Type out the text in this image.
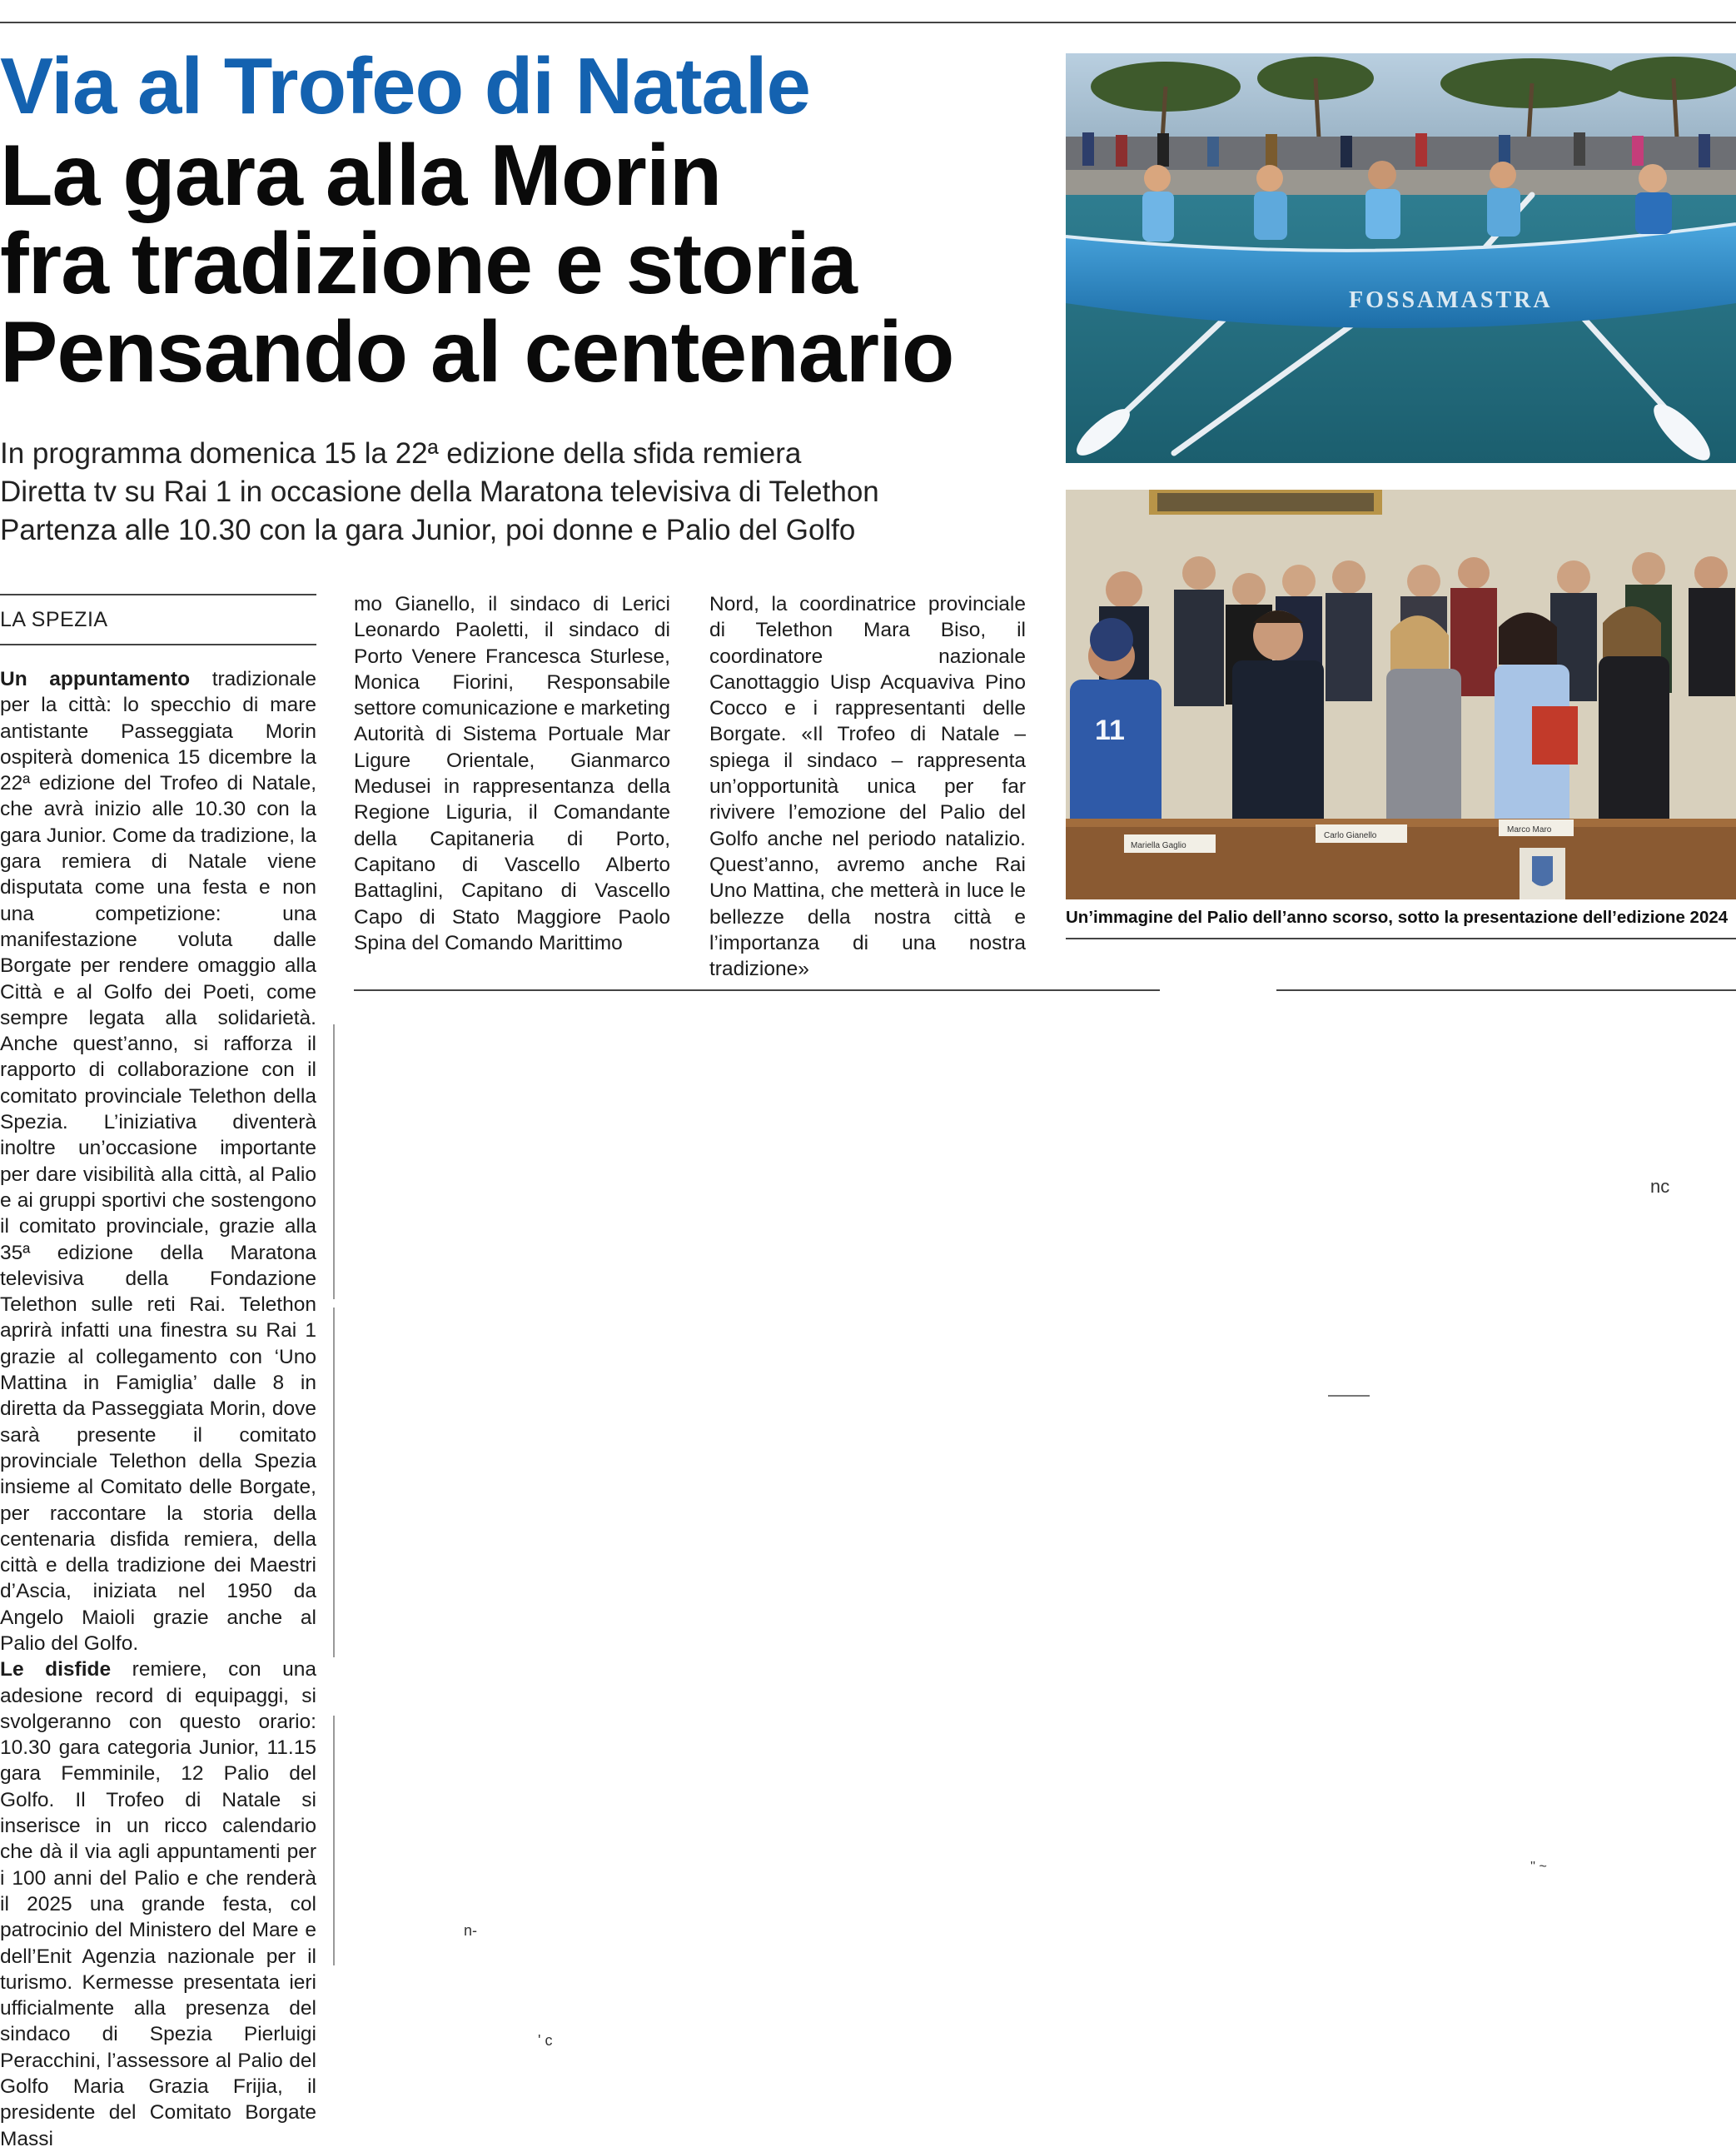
Via al Trofeo di Natale
La gara alla Morin
fra tradizione e storia
Pensando al centenario
In programma domenica 15 la 22ª edizione della sfida remiera
Diretta tv su Rai 1 in occasione della Maratona televisiva di Telethon
Partenza alle 10.30 con la gara Junior, poi donne e Palio del Golfo
LA SPEZIA
Un appuntamento tradizionale per la città: lo specchio di mare antistante Passeggiata Morin ospiterà domenica 15 dicembre la 22ª edizione del Trofeo di Natale, che avrà inizio alle 10.30 con la gara Junior. Come da tradizione, la gara remiera di Natale viene disputata come una festa e non una competizione: una manifestazione voluta dalle Borgate per rendere omaggio alla Città e al Golfo dei Poeti, come sempre legata alla solidarietà. Anche quest’anno, si rafforza il rapporto di collaborazione con il comitato provinciale Telethon della Spezia. L’iniziativa diventerà inoltre un’occasione importante per dare visibilità alla città, al Palio e ai gruppi sportivi che sostengono il comitato provinciale, grazie alla 35ª edizione della Maratona televisiva della Fondazione Telethon sulle reti Rai. Telethon aprirà infatti una finestra su Rai 1 grazie al collegamento con ‘Uno Mattina in Famiglia’ dalle 8 in diretta da Passeggiata Morin, dove sarà presente il comitato provinciale Telethon della Spezia insieme al Comitato delle Borgate, per raccontare la storia della centenaria disfida remiera, della città e della tradizione dei Maestri d’Ascia, iniziata nel 1950 da Angelo Maioli grazie anche al Palio del Golfo.
Le disfide remiere, con una adesione record di equipaggi, si svolgeranno con questo orario: 10.30 gara categoria Junior, 11.15 gara Femminile, 12 Palio del Golfo. Il Trofeo di Natale si inserisce in un ricco calendario che dà il via agli appuntamenti per i 100 anni del Palio e che renderà il 2025 una grande festa, col patrocinio del Ministero del Mare e dell’Enit Agenzia nazionale per il turismo. Kermesse presentata ieri ufficialmente alla presenza del sindaco di Spezia Pierluigi Peracchini, l’assessore al Palio del Golfo Maria Grazia Frijia, il presidente del Comitato Borgate Massi
mo Gianello, il sindaco di Lerici Leonardo Paoletti, il sindaco di Porto Venere Francesca Sturlese, Monica Fiorini, Responsabile settore comunicazione e marketing Autorità di Sistema Portuale Mar Ligure Orientale, Gianmarco Medusei in rappresentanza della Regione Liguria, il Comandante della Capitaneria di Porto, Capitano di Vascello Alberto Battaglini, Capitano di Vascello Capo di Stato Maggiore Paolo Spina del Comando Marittimo
Nord, la coordinatrice provinciale di Telethon Mara Biso, il coordinatore nazionale Canottaggio Uisp Acquaviva Pino Cocco e i rappresentanti delle Borgate. «Il Trofeo di Natale – spiega il sindaco – rappresenta un’opportunità unica per far rivivere l’emozione del Palio del Golfo anche nel periodo natalizio. Quest’anno, avremo anche Rai Uno Mattina, che metterà in luce le bellezze della nostra città e l’importanza di una nostra tradizione»
nc
n-
'' ~
' c
FOSSAMASTRA
11
Mariella Gaglio
Carlo Gianello
Marco Maro
Un’immagine del Palio dell’anno scorso, sotto la presentazione dell’edizione 2024
